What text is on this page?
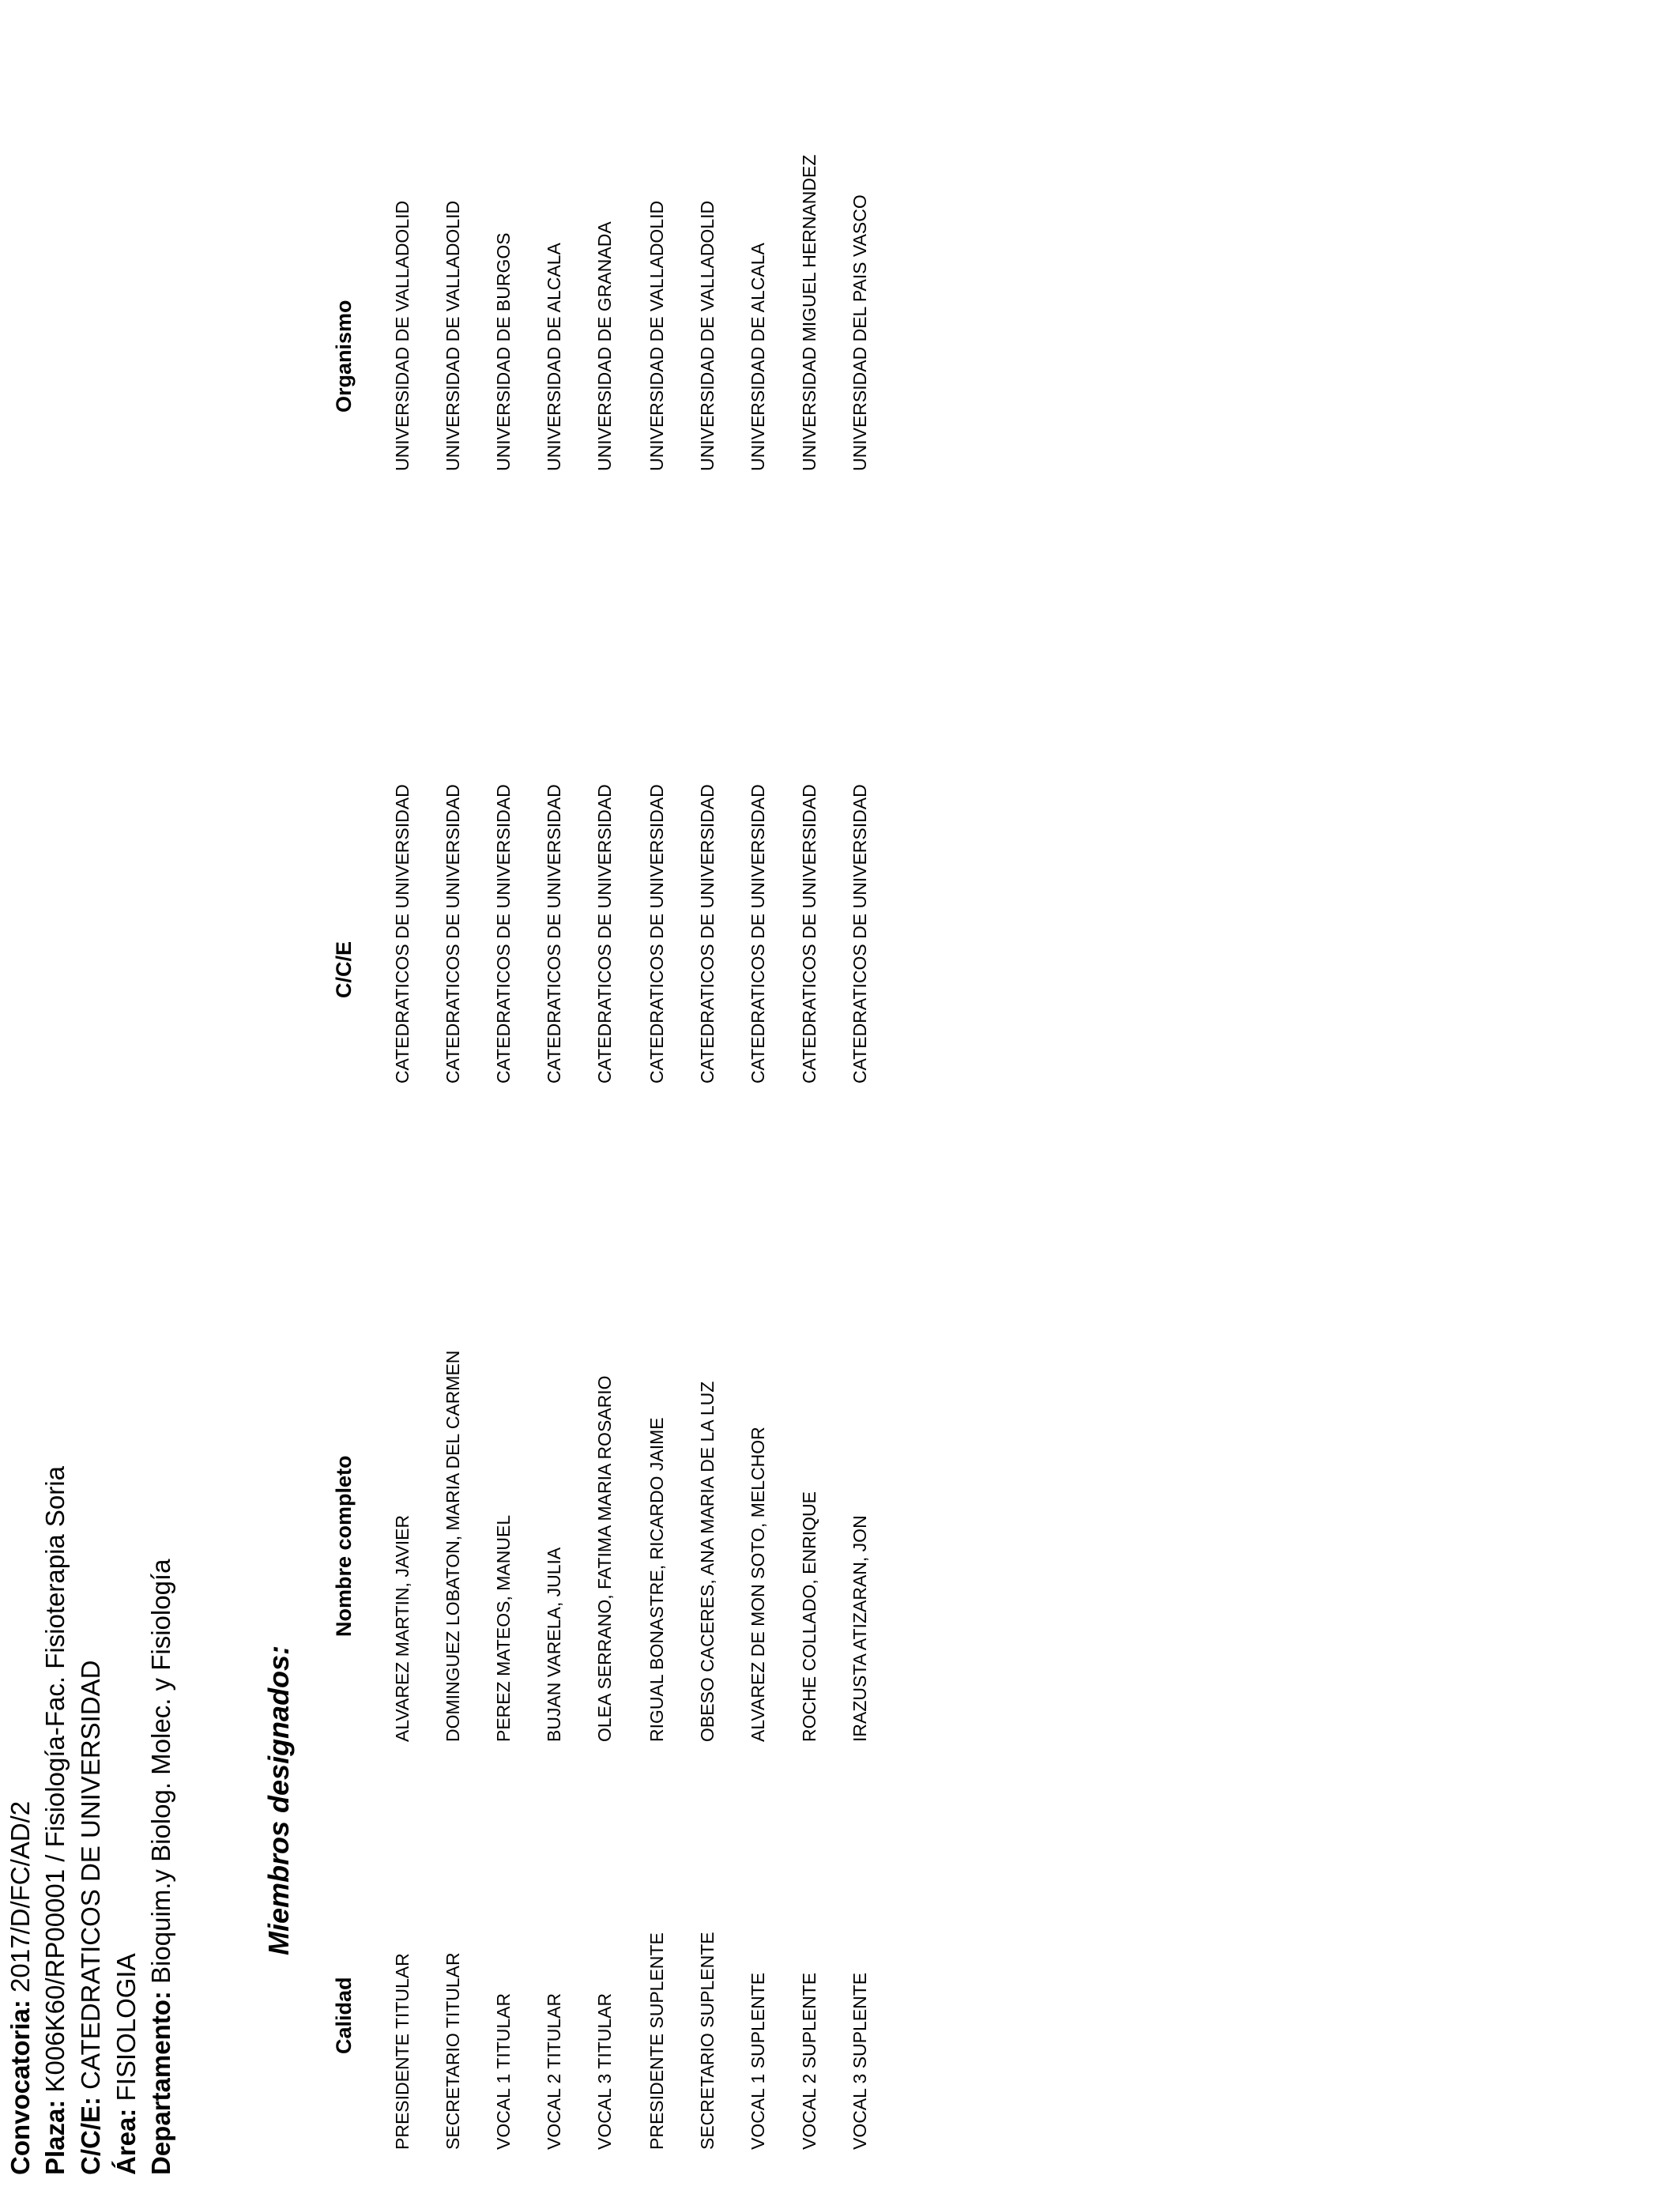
Convocatoria: 2017/D/FC/AD/2
Plaza: K006K60/RP00001 / Fisiología-Fac. Fisioterapia Soria
C/C/E: CATEDRATICOS DE UNIVERSIDAD
Área: FISIOLOGIA Departamento: Bioquim.y Biolog. Molec. y Fisiología	Miembros designados:
Calidad
Nombre completo
C/C/E
Organismo
PRESIDENTE TITULAR
ALVAREZ MARTIN, JAVIER
CATEDRATICOS DE UNIVERSIDAD
UNIVERSIDAD DE VALLADOLID
SECRETARIO TITULAR
DOMINGUEZ LOBATON, MARIA DEL CARMEN
CATEDRATICOS DE UNIVERSIDAD
UNIVERSIDAD DE VALLADOLID
VOCAL 1 TITULAR
PEREZ MATEOS, MANUEL
CATEDRATICOS DE UNIVERSIDAD
UNIVERSIDAD DE BURGOS
VOCAL 2 TITULAR
BUJAN VARELA, JULIA
CATEDRATICOS DE UNIVERSIDAD
UNIVERSIDAD DE ALCALA
VOCAL 3 TITULAR
OLEA SERRANO, FATIMA MARIA ROSARIO
CATEDRATICOS DE UNIVERSIDAD
UNIVERSIDAD DE GRANADA
PRESIDENTE SUPLENTE
RIGUAL BONASTRE, RICARDO JAIME
CATEDRATICOS DE UNIVERSIDAD
UNIVERSIDAD DE VALLADOLID
SECRETARIO SUPLENTE
OBESO CACERES, ANA MARIA DE LA LUZ
CATEDRATICOS DE UNIVERSIDAD
UNIVERSIDAD DE VALLADOLID
VOCAL 1 SUPLENTE
ALVAREZ DE MON SOTO, MELCHOR
CATEDRATICOS DE UNIVERSIDAD
UNIVERSIDAD DE ALCALA
VOCAL 2 SUPLENTE
ROCHE COLLADO, ENRIQUE
CATEDRATICOS DE UNIVERSIDAD
UNIVERSIDAD MIGUEL HERNANDEZ
VOCAL 3 SUPLENTE
IRAZUSTA ATIZARAN, JON
CATEDRATICOS DE UNIVERSIDAD
UNIVERSIDAD DEL PAIS VASCO
